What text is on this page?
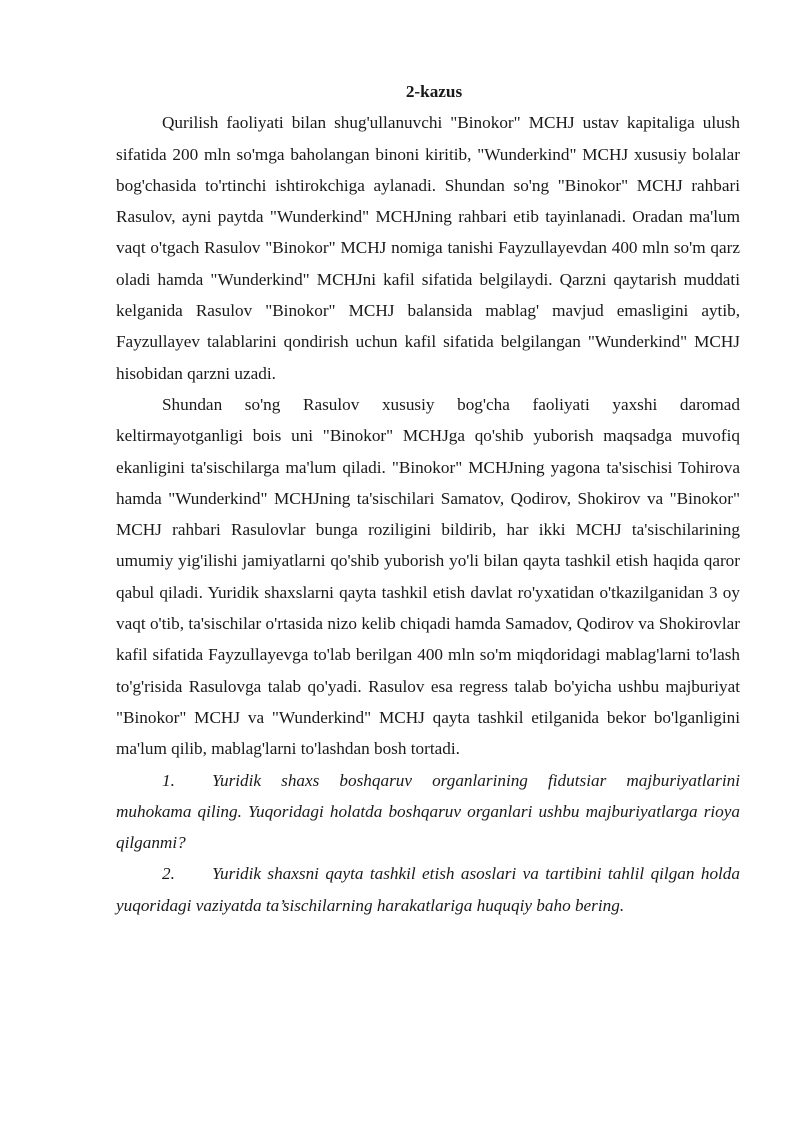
2-kazus

Qurilish faoliyati bilan shug'ullanuvchi "Binokor" MCHJ ustav kapitaliga ulush sifatida 200 mln so'mga baholangan binoni kiritib, "Wunderkind" MCHJ xususiy bolalar bog'chasida to'rtinchi ishtirokchiga aylanadi. Shundan so'ng "Binokor" MCHJ rahbari Rasulov, ayni paytda "Wunderkind" MCHJning rahbari etib tayinlanadi. Oradan ma'lum vaqt o'tgach Rasulov "Binokor" MCHJ nomiga tanishi Fayzullayevdan 400 mln so'm qarz oladi hamda "Wunderkind" MCHJni kafil sifatida belgilaydi. Qarzni qaytarish muddati kelganida Rasulov "Binokor" MCHJ balansida mablag' mavjud emasligini aytib, Fayzullayev talablarini qondirish uchun kafil sifatida belgilangan "Wunderkind" MCHJ hisobidan qarzni uzadi.

Shundan so'ng Rasulov xususiy bog'cha faoliyati yaxshi daromad keltirmayotganligi bois uni "Binokor" MCHJga qo'shib yuborish maqsadga muvofiq ekanligini ta'sischilarga ma'lum qiladi. "Binokor" MCHJning yagona ta'sischisi Tohirova hamda "Wunderkind" MCHJning ta'sischilari Samatov, Qodirov, Shokirov va "Binokor" MCHJ rahbari Rasulovlar bunga roziligini bildirib, har ikki MCHJ ta'sischilarining umumiy yig'ilishi jamiyatlarni qo'shib yuborish yo'li bilan qayta tashkil etish haqida qaror qabul qiladi. Yuridik shaxslarni qayta tashkil etish davlat ro'yxatidan o'tkazilganidan 3 oy vaqt o'tib, ta'sischilar o'rtasida nizo kelib chiqadi hamda Samadov, Qodirov va Shokirovlar kafil sifatida Fayzullayevga to'lab berilgan 400 mln so'm miqdoridagi mablag'larni to'lash to'g'risida Rasulovga talab qo'yadi. Rasulov esa regress talab bo'yicha ushbu majburiyat "Binokor" MCHJ va "Wunderkind" MCHJ qayta tashkil etilganida bekor bo'lganligini ma'lum qilib, mablag'larni to'lashdan bosh tortadi.

1. Yuridik shaxs boshqaruv organlarining fidutsiar majburiyatlarini muhokama qiling. Yuqoridagi holatda boshqaruv organlari ushbu majburiyatlarga rioya qilganmi?

2. Yuridik shaxsni qayta tashkil etish asoslari va tartibini tahlil qilgan holda yuqoridagi vaziyatda ta’sischilarning harakatlariga huquqiy baho bering.
